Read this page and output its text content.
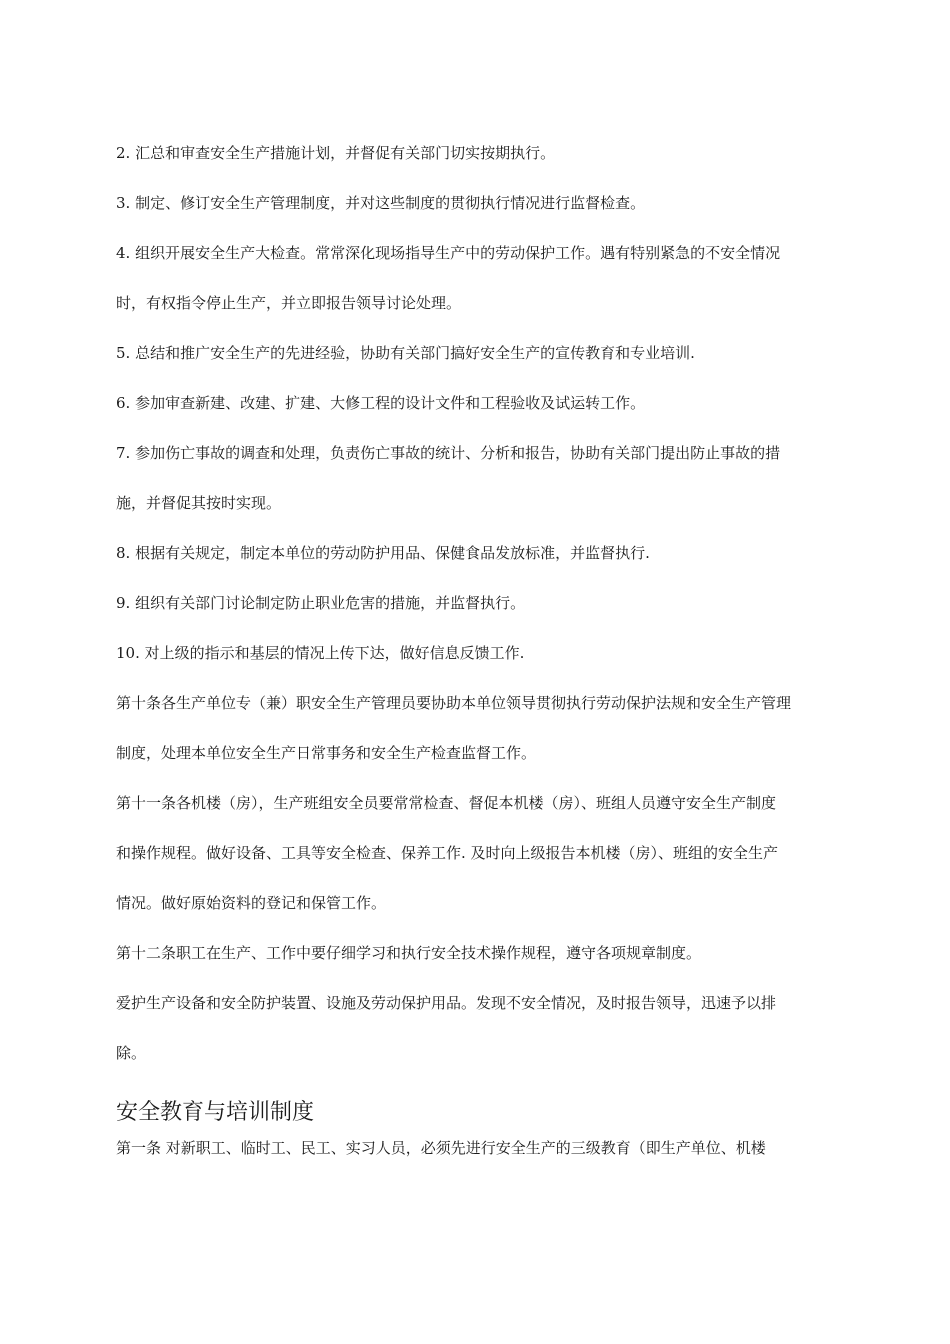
2. 汇总和审查安全生产措施计划，并督促有关部门切实按期执行。
3. 制定、修订安全生产管理制度，并对这些制度的贯彻执行情况进行监督检查。
4. 组织开展安全生产大检查。常常深化现场指导生产中的劳动保护工作。遇有特别紧急的不安全情况
时，有权指令停止生产，并立即报告领导讨论处理。
5. 总结和推广安全生产的先进经验，协助有关部门搞好安全生产的宣传教育和专业培训.
6. 参加审查新建、改建、扩建、大修工程的设计文件和工程验收及试运转工作。
7. 参加伤亡事故的调查和处理，负责伤亡事故的统计、分析和报告，协助有关部门提出防止事故的措
施，并督促其按时实现。
8. 根据有关规定，制定本单位的劳动防护用品、保健食品发放标准，并监督执行.
9. 组织有关部门讨论制定防止职业危害的措施，并监督执行。
10. 对上级的指示和基层的情况上传下达，做好信息反馈工作.
第十条各生产单位专（兼）职安全生产管理员要协助本单位领导贯彻执行劳动保护法规和安全生产管理
制度，处理本单位安全生产日常事务和安全生产检查监督工作。
第十一条各机楼（房），生产班组安全员要常常检查、督促本机楼（房）、班组人员遵守安全生产制度
和操作规程。做好设备、工具等安全检查、保养工作. 及时向上级报告本机楼（房）、班组的安全生产
情况。做好原始资料的登记和保管工作。
第十二条职工在生产、工作中要仔细学习和执行安全技术操作规程，遵守各项规章制度。
爱护生产设备和安全防护装置、设施及劳动保护用品。发现不安全情况，及时报告领导，迅速予以排
除。
安全教育与培训制度
第一条 对新职工、临时工、民工、实习人员，必须先进行安全生产的三级教育（即生产单位、机楼
